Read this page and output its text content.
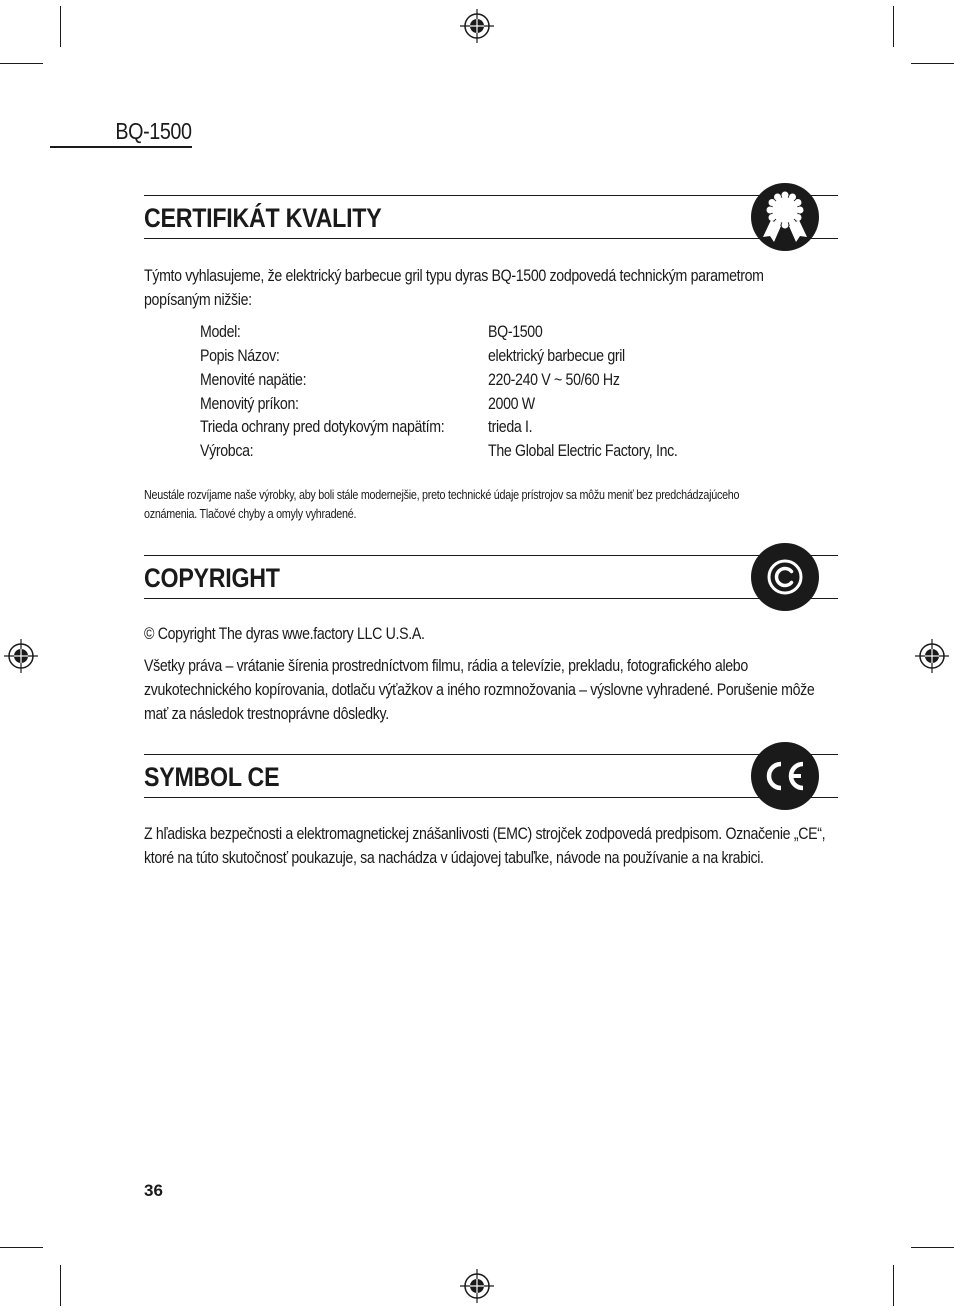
BQ-1500
CERTIFIKÁT KVALITY
Týmto vyhlasujeme, že elektrický barbecue gril typu dyras BQ-1500 zodpovedá technickým parametrom
popísaným nižšie:
Model:	BQ-1500
Popis Názov:	elektrický barbecue gril
Menovité napätie:	220-240 V ~ 50/60 Hz
Menovitý príkon:	2000 W
Trieda ochrany pred dotykovým napätím:	trieda I.
Výrobca:	The Global Electric Factory, Inc.
Neustále rozvíjame naše výrobky, aby boli stále modernejšie, preto technické údaje prístrojov sa môžu meniť bez predchádzajúceho
oznámenia. Tlačové chyby a omyly vyhradené.
COPYRIGHT
© Copyright The dyras wwe.factory LLC U.S.A.
Všetky práva – vrátanie šírenia prostredníctvom filmu, rádia a televízie, prekladu, fotografického alebo
zvukotechnického kopírovania, dotlaču výťažkov a iného rozmnožovania – výslovne vyhradené. Porušenie môže
mať za následok trestnoprávne dôsledky.
SYMBOL CE
Z hľadiska bezpečnosti a elektromagnetickej znášanlivosti (EMC) strojček zodpovedá predpisom. Označenie „CE“,
ktoré na túto skutočnosť poukazuje, sa nachádza v údajovej tabuľke, návode na používanie a na krabici.
36
